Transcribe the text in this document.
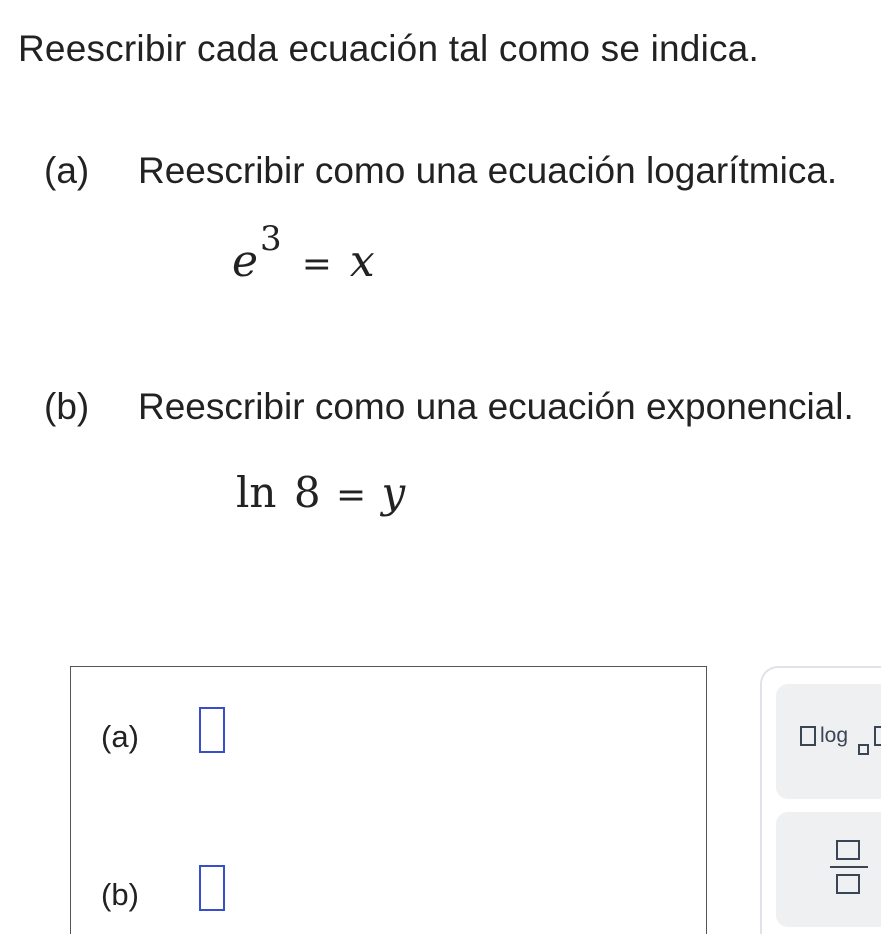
Reescribir cada ecuación tal como se indica.
(a) Reescribir como una ecuación logarítmica.
$e^3 = x$
(b) Reescribir como una ecuación exponencial.
ln 8 = y
(a)
(b)
log
